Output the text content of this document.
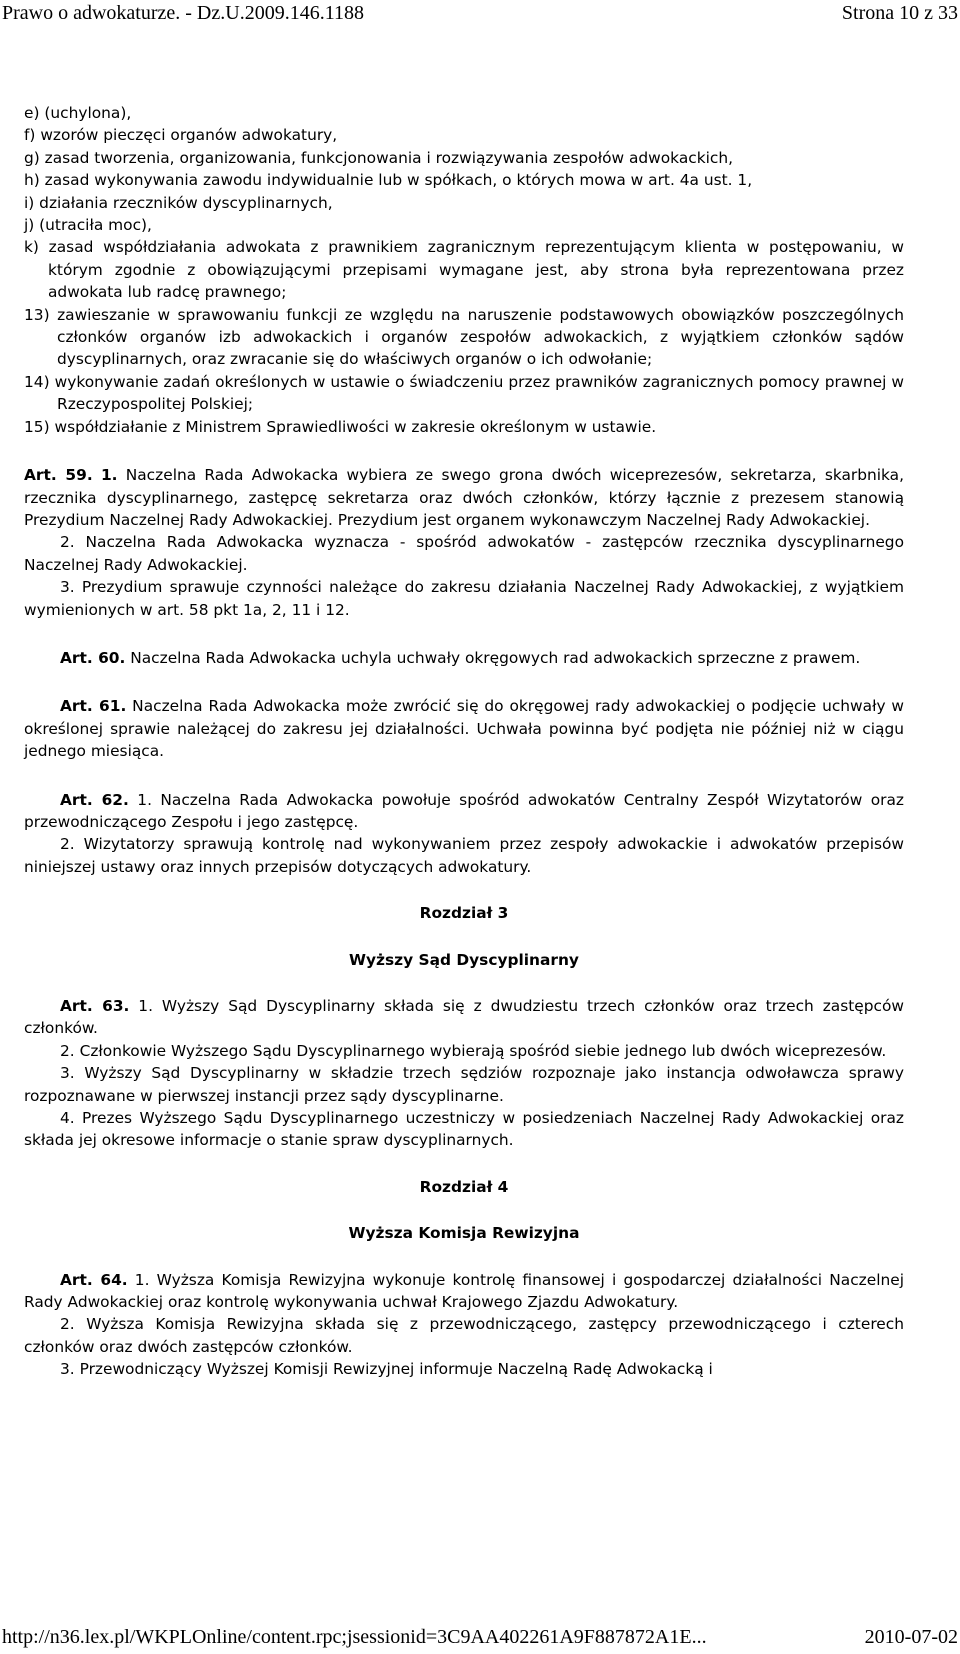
Prawo o adwokaturze. - Dz.U.2009.146.1188	Strona 10 z 33

e) (uchylona),

f) wzorów pieczęci organów adwokatury,

g) zasad tworzenia, organizowania, funkcjonowania i rozwiązywania zespołów adwokackich,

h) zasad wykonywania zawodu indywidualnie lub w spółkach, o których mowa w art. 4a ust. 1,

i) działania rzeczników dyscyplinarnych,

j) (utraciła moc),

k) zasad współdziałania adwokata z prawnikiem zagranicznym reprezentującym klienta w postępowaniu, w którym zgodnie z obowiązującymi przepisami wymagane jest, aby strona była reprezentowana przez adwokata lub radcę prawnego;

13) zawieszanie w sprawowaniu funkcji ze względu na naruszenie podstawowych obowiązków poszczególnych członków organów izb adwokackich i organów zespołów adwokackich, z wyjątkiem członków sądów dyscyplinarnych, oraz zwracanie się do właściwych organów o ich odwołanie;

14) wykonywanie zadań określonych w ustawie o świadczeniu przez prawników zagranicznych pomocy prawnej w Rzeczypospolitej Polskiej;

15) współdziałanie z Ministrem Sprawiedliwości w zakresie określonym w ustawie.

Art. 59. 1. Naczelna Rada Adwokacka wybiera ze swego grona dwóch wiceprezesów, sekretarza, skarbnika, rzecznika dyscyplinarnego, zastępcę sekretarza oraz dwóch członków, którzy łącznie z prezesem stanowią Prezydium Naczelnej Rady Adwokackiej. Prezydium jest organem wykonawczym Naczelnej Rady Adwokackiej.

2. Naczelna Rada Adwokacka wyznacza - spośród adwokatów - zastępców rzecznika dyscyplinarnego Naczelnej Rady Adwokackiej.

3. Prezydium sprawuje czynności należące do zakresu działania Naczelnej Rady Adwokackiej, z wyjątkiem wymienionych w art. 58 pkt 1a, 2, 11 i 12.

Art. 60. Naczelna Rada Adwokacka uchyla uchwały okręgowych rad adwokackich sprzeczne z prawem.

Art. 61. Naczelna Rada Adwokacka może zwrócić się do okręgowej rady adwokackiej o podjęcie uchwały w określonej sprawie należącej do zakresu jej działalności. Uchwała powinna być podjęta nie później niż w ciągu jednego miesiąca.

Art. 62. 1. Naczelna Rada Adwokacka powołuje spośród adwokatów Centralny Zespół Wizytatorów oraz przewodniczącego Zespołu i jego zastępcę.

2. Wizytatorzy sprawują kontrolę nad wykonywaniem przez zespoły adwokackie i adwokatów przepisów niniejszej ustawy oraz innych przepisów dotyczących adwokatury.

Rozdział 3

Wyższy Sąd Dyscyplinarny

Art. 63. 1. Wyższy Sąd Dyscyplinarny składa się z dwudziestu trzech członków oraz trzech zastępców członków.

2. Członkowie Wyższego Sądu Dyscyplinarnego wybierają spośród siebie jednego lub dwóch wiceprezesów.

3. Wyższy Sąd Dyscyplinarny w składzie trzech sędziów rozpoznaje jako instancja odwoławcza sprawy rozpoznawane w pierwszej instancji przez sądy dyscyplinarne.

4. Prezes Wyższego Sądu Dyscyplinarnego uczestniczy w posiedzeniach Naczelnej Rady Adwokackiej oraz składa jej okresowe informacje o stanie spraw dyscyplinarnych.

Rozdział 4

Wyższa Komisja Rewizyjna

Art. 64. 1. Wyższa Komisja Rewizyjna wykonuje kontrolę finansowej i gospodarczej działalności Naczelnej Rady Adwokackiej oraz kontrolę wykonywania uchwał Krajowego Zjazdu Adwokatury.

2. Wyższa Komisja Rewizyjna składa się z przewodniczącego, zastępcy przewodniczącego i czterech członków oraz dwóch zastępców członków.

3. Przewodniczący Wyższej Komisji Rewizyjnej informuje Naczelną Radę Adwokacką i

http://n36.lex.pl/WKPLOnline/content.rpc;jsessionid=3C9AA402261A9F887872A1E...	2010-07-02
